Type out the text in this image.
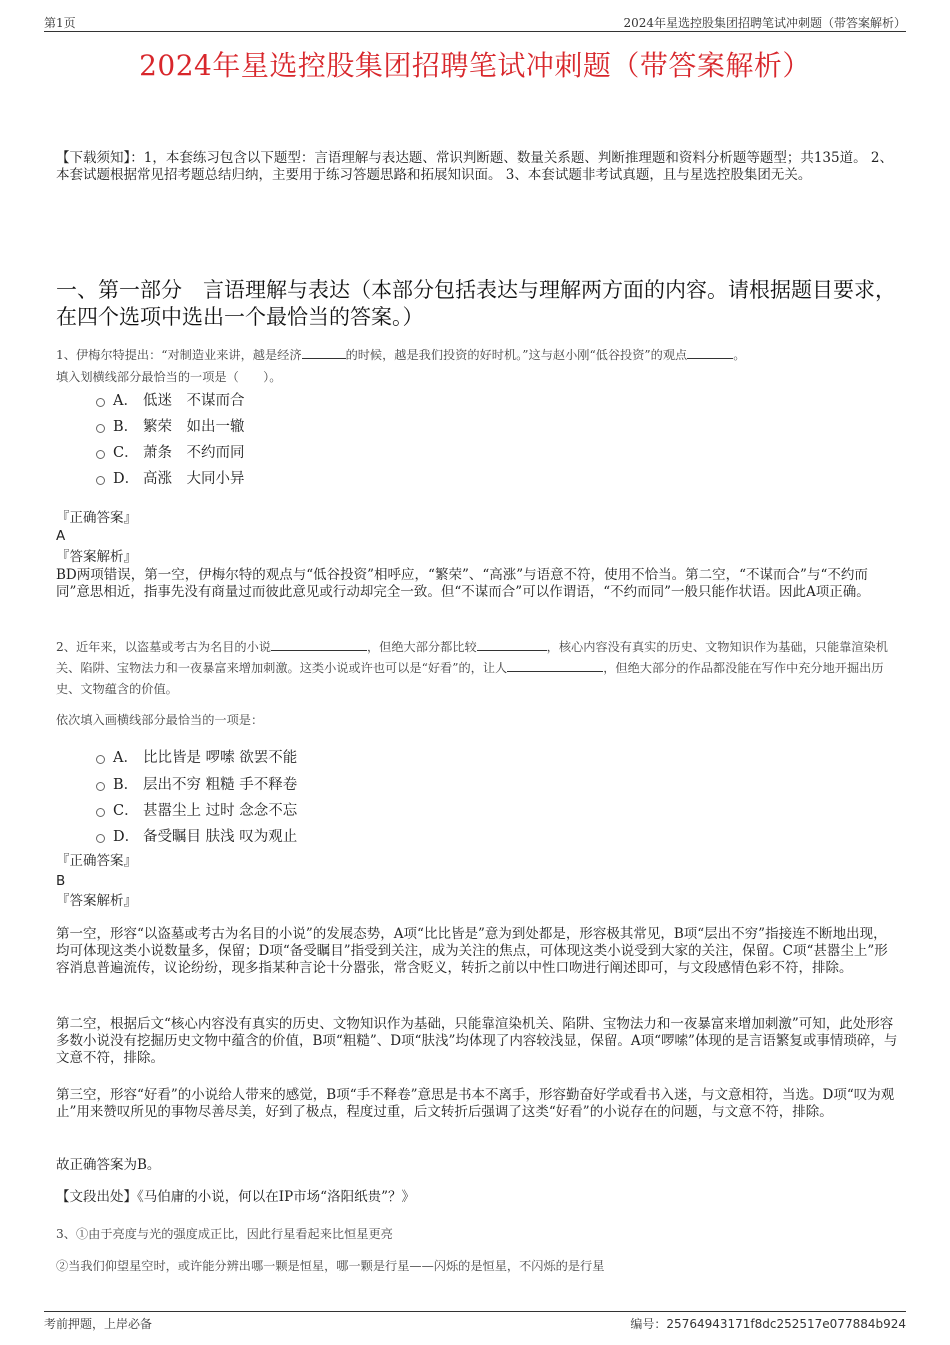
第1页	2024年星选控股集团招聘笔试冲刺题（带答案解析）
2024年星选控股集团招聘笔试冲刺题（带答案解析）
【下载须知】：1，本套练习包含以下题型：言语理解与表达题、常识判断题、数量关系题、判断推理题和资料分析题等题型；共135道。 2、本套试题根据常见招考题总结归纳，主要用于练习答题思路和拓展知识面。 3、本套试题非考试真题，且与星选控股集团无关。
一、第一部分　言语理解与表达（本部分包括表达与理解两方面的内容。请根据题目要求，在四个选项中选出一个最恰当的答案。）
1、伊梅尔特提出：“对制造业来讲，越是经济	的时候，越是我们投资的好时机。”这与赵小刚“低谷投资”的观点	。
填入划横线部分最恰当的一项是（　　）。
A． 低迷　不谋而合
B． 繁荣　如出一辙
C． 萧条　不约而同
D． 高涨　大同小异
『正确答案』
A
『答案解析』
BD两项错误，第一空，伊梅尔特的观点与“低谷投资”相呼应，“繁荣”、“高涨”与语意不符，使用不恰当。第二空，“不谋而合”与“不约而同”意思相近，指事先没有商量过而彼此意见或行动却完全一致。但“不谋而合”可以作谓语，“不约而同”一般只能作状语。因此A项正确。
2、近年来，以盗墓或考古为名目的小说	，但绝大部分都比较	，核心内容没有真实的历史、文物知识作为基础，只能靠渲染机关、陷阱、宝物法力和一夜暴富来增加刺激。这类小说或许也可以是“好看”的，让人	，但绝大部分的作品都没能在写作中充分地开掘出历史、文物蕴含的价值。
依次填入画横线部分最恰当的一项是：
A． 比比皆是 啰嗦 欲罢不能
B． 层出不穷 粗糙 手不释卷
C． 甚嚣尘上 过时 念念不忘
D． 备受瞩目 肤浅 叹为观止
『正确答案』
B
『答案解析』
第一空，形容“以盗墓或考古为名目的小说”的发展态势，A项“比比皆是”意为到处都是，形容极其常见，B项“层出不穷”指接连不断地出现，均可体现这类小说数量多，保留；D项“备受瞩目”指受到关注，成为关注的焦点，可体现这类小说受到大家的关注，保留。C项“甚嚣尘上”形容消息普遍流传，议论纷纷，现多指某种言论十分嚣张，常含贬义，转折之前以中性口吻进行阐述即可，与文段感情色彩不符，排除。
第二空，根据后文“核心内容没有真实的历史、文物知识作为基础，只能靠渲染机关、陷阱、宝物法力和一夜暴富来增加刺激”可知，此处形容多数小说没有挖掘历史文物中蕴含的价值，B项“粗糙”、D项“肤浅”均体现了内容较浅显，保留。A项“啰嗦”体现的是言语繁复或事情琐碎，与文意不符，排除。
第三空，形容“好看”的小说给人带来的感觉，B项“手不释卷”意思是书本不离手，形容勤奋好学或看书入迷，与文意相符，当选。D项“叹为观止”用来赞叹所见的事物尽善尽美，好到了极点，程度过重，后文转折后强调了这类“好看”的小说存在的问题，与文意不符，排除。
故正确答案为B。
【文段出处】《马伯庸的小说，何以在IP市场“洛阳纸贵”？》
3、①由于亮度与光的强度成正比，因此行星看起来比恒星更亮
②当我们仰望星空时，或许能分辨出哪一颗是恒星，哪一颗是行星——闪烁的是恒星，不闪烁的是行星
考前押题，上岸必备	编号：25764943171f8dc252517e077884b924
